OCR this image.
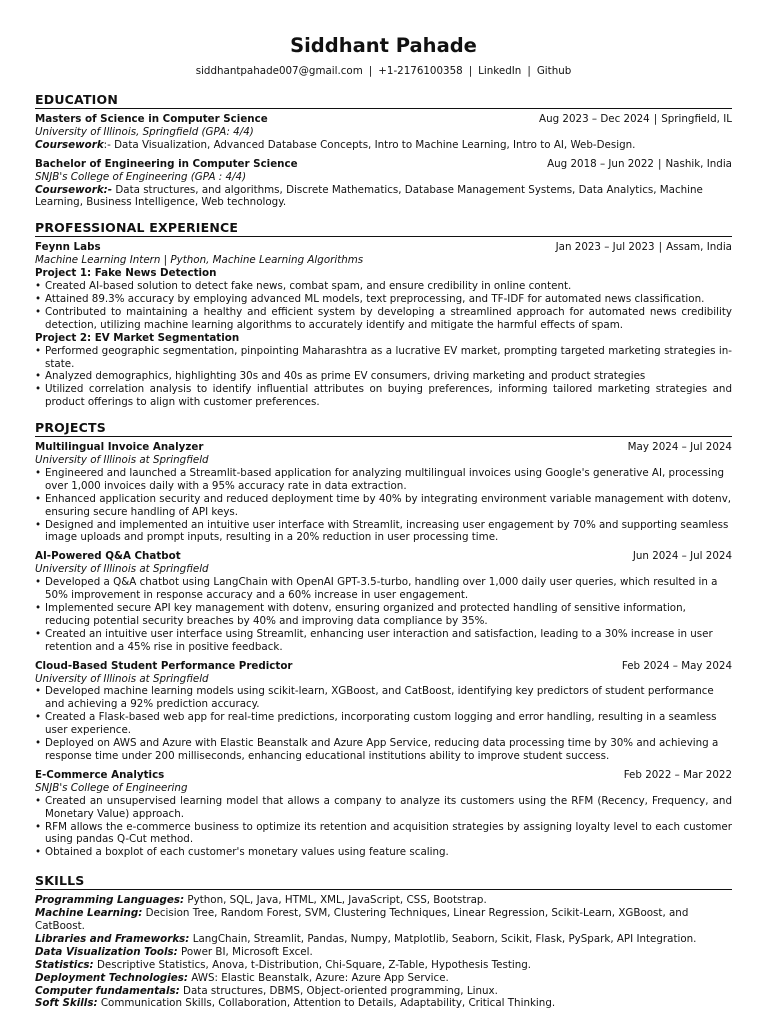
Siddhant Pahade
siddhantpahade007@gmail.com | +1-2176100358 | LinkedIn | Github
EDUCATION
Masters of Science in Computer Science	Aug 2023 – Dec 2024 | Springfield, IL
University of Illinois, Springfield (GPA: 4/4)
Coursework:- Data Visualization, Advanced Database Concepts, Intro to Machine Learning, Intro to AI, Web-Design.
Bachelor of Engineering in Computer Science	Aug 2018 – Jun 2022 | Nashik, India
SNJB's College of Engineering (GPA : 4/4)
Coursework:- Data structures, and algorithms, Discrete Mathematics, Database Management Systems, Data Analytics, Machine Learning, Business Intelligence, Web technology.
PROFESSIONAL EXPERIENCE
Feynn Labs	Jan 2023 – Jul 2023 | Assam, India
Machine Learning Intern | Python, Machine Learning Algorithms
Project 1: Fake News Detection
• Created AI-based solution to detect fake news, combat spam, and ensure credibility in online content.
• Attained 89.3% accuracy by employing advanced ML models, text preprocessing, and TF-IDF for automated news classification.
• Contributed to maintaining a healthy and efficient system by developing a streamlined approach for automated news credibility detection, utilizing machine learning algorithms to accurately identify and mitigate the harmful effects of spam.
Project 2: EV Market Segmentation
• Performed geographic segmentation, pinpointing Maharashtra as a lucrative EV market, prompting targeted marketing strategies in-state.
• Analyzed demographics, highlighting 30s and 40s as prime EV consumers, driving marketing and product strategies
• Utilized correlation analysis to identify influential attributes on buying preferences, informing tailored marketing strategies and product offerings to align with customer preferences.
PROJECTS
Multilingual Invoice Analyzer	May 2024 – Jul 2024
University of Illinois at Springfield
• Engineered and launched a Streamlit-based application for analyzing multilingual invoices using Google's generative AI, processing over 1,000 invoices daily with a 95% accuracy rate in data extraction.
• Enhanced application security and reduced deployment time by 40% by integrating environment variable management with dotenv, ensuring secure handling of API keys.
• Designed and implemented an intuitive user interface with Streamlit, increasing user engagement by 70% and supporting seamless image uploads and prompt inputs, resulting in a 20% reduction in user processing time.
AI-Powered Q&A Chatbot	Jun 2024 – Jul 2024
University of Illinois at Springfield
• Developed a Q&A chatbot using LangChain with OpenAI GPT-3.5-turbo, handling over 1,000 daily user queries, which resulted in a 50% improvement in response accuracy and a 60% increase in user engagement.
• Implemented secure API key management with dotenv, ensuring organized and protected handling of sensitive information, reducing potential security breaches by 40% and improving data compliance by 35%.
• Created an intuitive user interface using Streamlit, enhancing user interaction and satisfaction, leading to a 30% increase in user retention and a 45% rise in positive feedback.
Cloud-Based Student Performance Predictor	Feb 2024 – May 2024
University of Illinois at Springfield
• Developed machine learning models using scikit-learn, XGBoost, and CatBoost, identifying key predictors of student performance and achieving a 92% prediction accuracy.
• Created a Flask-based web app for real-time predictions, incorporating custom logging and error handling, resulting in a seamless user experience.
• Deployed on AWS and Azure with Elastic Beanstalk and Azure App Service, reducing data processing time by 30% and achieving a response time under 200 milliseconds, enhancing educational institutions ability to improve student success.
E-Commerce Analytics	Feb 2022 – Mar 2022
SNJB's College of Engineering
• Created an unsupervised learning model that allows a company to analyze its customers using the RFM (Recency, Frequency, and Monetary Value) approach.
• RFM allows the e-commerce business to optimize its retention and acquisition strategies by assigning loyalty level to each customer using pandas Q-Cut method.
• Obtained a boxplot of each customer's monetary values using feature scaling.
SKILLS
Programming Languages: Python, SQL, Java, HTML, XML, JavaScript, CSS, Bootstrap.
Machine Learning: Decision Tree, Random Forest, SVM, Clustering Techniques, Linear Regression, Scikit-Learn, XGBoost, and CatBoost.
Libraries and Frameworks: LangChain, Streamlit, Pandas, Numpy, Matplotlib, Seaborn, Scikit, Flask, PySpark, API Integration.
Data Visualization Tools: Power BI, Microsoft Excel.
Statistics: Descriptive Statistics, Anova, t-Distribution, Chi-Square, Z-Table, Hypothesis Testing.
Deployment Technologies: AWS: Elastic Beanstalk, Azure: Azure App Service.
Computer fundamentals: Data structures, DBMS, Object-oriented programming, Linux.
Soft Skills: Communication Skills, Collaboration, Attention to Details, Adaptability, Critical Thinking.
